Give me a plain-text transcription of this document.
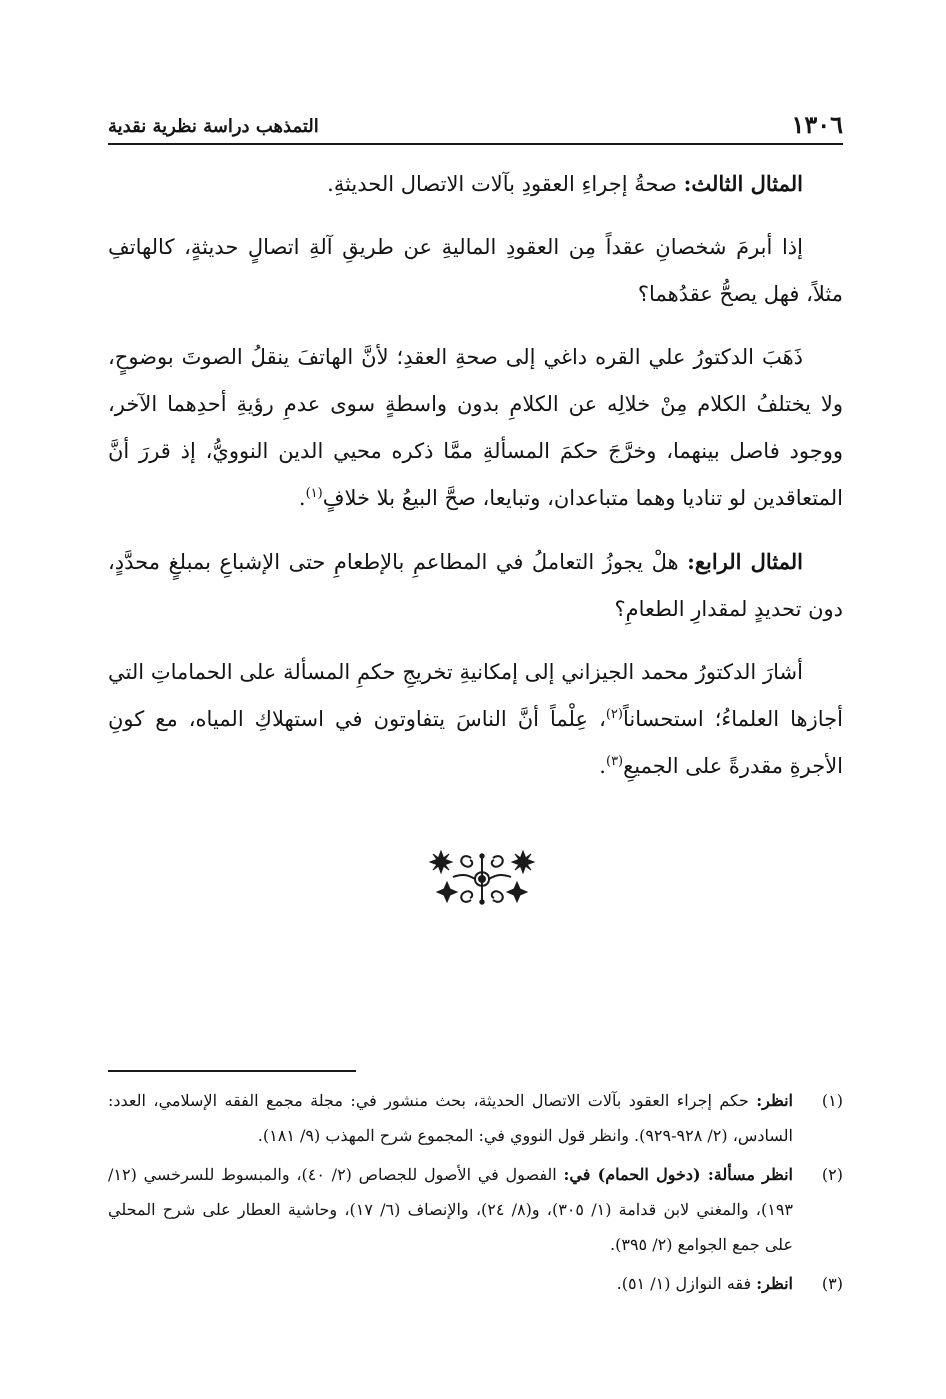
١٣٠٦
التمذهب دراسة نظرية نقدية

المثال الثالث: صحةُ إجراءِ العقودِ بآلات الاتصال الحديثةِ.

إذا أبرمَ شخصانِ عقداً مِن العقودِ الماليةِ عن طريقِ آلةِ اتصالٍ حديثةٍ، كالهاتفِ مثلاً، فهل يصحُّ عقدُهما؟

ذَهَبَ الدكتورُ علي القره داغي إلى صحةِ العقدِ؛ لأنَّ الهاتفَ ينقلُ الصوتَ بوضوحٍ، ولا يختلفُ الكلام مِنْ خلالِه عن الكلامِ بدون واسطةٍ سوى عدمِ رؤيةِ أحدِهما الآخر، ووجود فاصل بينهما، وخرَّجَ حكمَ المسألةِ ممَّا ذكره محيي الدين النوويُّ، إذ قررَ أنَّ المتعاقدين لو تناديا وهما متباعدان، وتبايعا، صحَّ البيعُ بلا خلافٍ$^{(١)}$.

المثال الرابع: هلْ يجوزُ التعاملُ في المطاعمِ بالإطعامِ حتى الإشباعِ بمبلغٍ محدَّدٍ، دون تحديدٍ لمقدارِ الطعامِ؟

أشارَ الدكتورُ محمد الجيزاني إلى إمكانيةِ تخريجِ حكمِ المسألة على الحماماتِ التي أجازها العلماءُ؛ استحساناً$^{(٢)}$، عِلْماً أنَّ الناسَ يتفاوتون في استهلاكِ المياه، مع كونِ الأجرةِ مقدرةً على الجميعِ$^{(٣)}$.

(١)
انظر: حكم إجراء العقود بآلات الاتصال الحديثة، بحث منشور في: مجلة مجمع الفقه الإسلامي، العدد: السادس، (٢/ ٩٢٨-٩٢٩). وانظر قول النووي في: المجموع شرح المهذب (٩/ ١٨١).

(٢)
انظر مسألة: (دخول الحمام) في: الفصول في الأصول للجصاص (٢/ ٤٠)، والمبسوط للسرخسي (١٢/ ١٩٣)، والمغني لابن قدامة (١/ ٣٠٥)، و(٨/ ٢٤)، والإنصاف (٦/ ١٧)، وحاشية العطار على شرح المحلي على جمع الجوامع (٢/ ٣٩٥).

(٣)
انظر: فقه النوازل (١/ ٥١).
